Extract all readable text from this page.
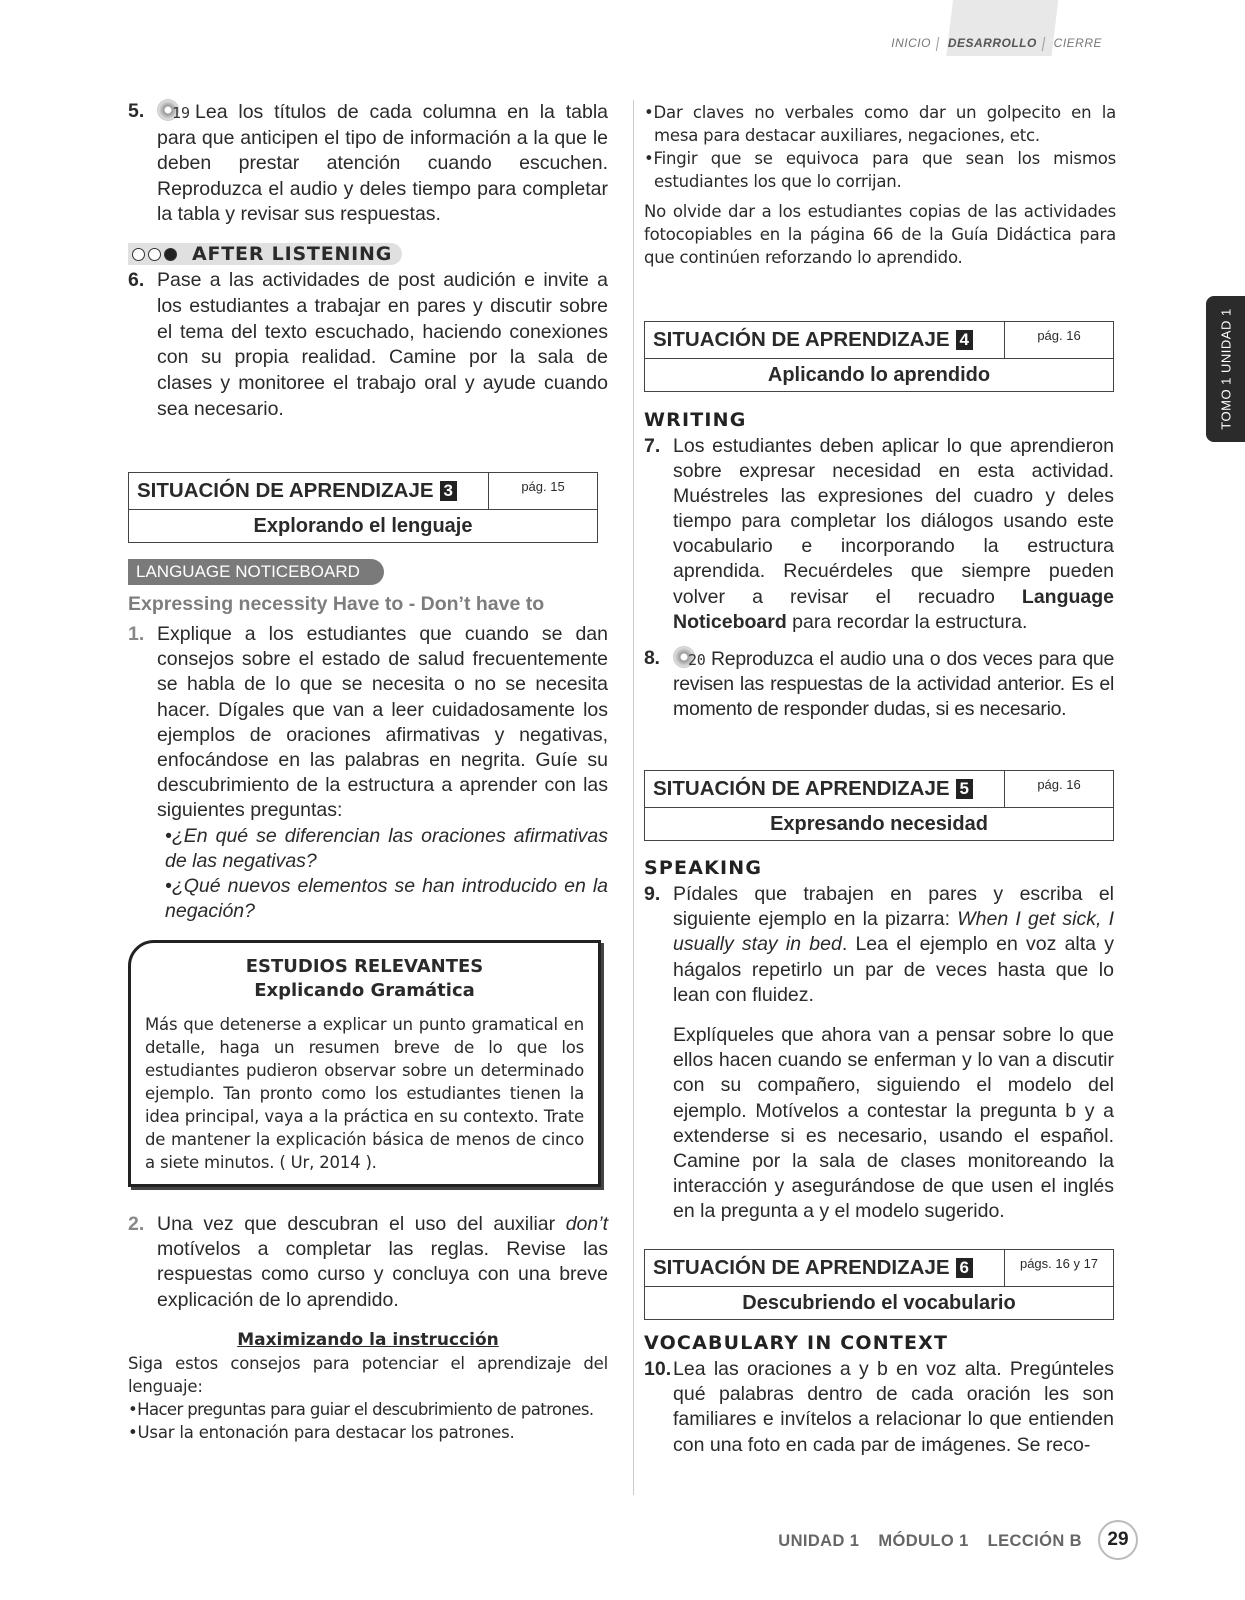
INICIO DESARROLLO CIERRE
TOMO 1 UNIDAD 1
5. 19 Lea los títulos de cada columna en la tabla para que anticipen el tipo de información a la que le deben prestar atención cuando escuchen. Reproduzca el audio y deles tiempo para completar la tabla y revisar sus respuestas.
AFTER LISTENING
6. Pase a las actividades de post audición e invite a los estudiantes a trabajar en pares y discutir sobre el tema del texto escuchado, haciendo conexiones con su propia realidad. Camine por la sala de clases y monitoree el trabajo oral y ayude cuando sea necesario.
SITUACIÓN DE APRENDIZAJE 3	pág. 15
Explorando el lenguaje
LANGUAGE NOTICEBOARD
Expressing necessity Have to - Don’t have to
1. Explique a los estudiantes que cuando se dan consejos sobre el estado de salud frecuentemente se habla de lo que se necesita o no se necesita hacer. Dígales que van a leer cuidadosamente los ejemplos de oraciones afirmativas y negativas, enfocándose en las palabras en negrita. Guíe su descubrimiento de la estructura a aprender con las siguientes preguntas:
•¿En qué se diferencian las oraciones afirmativas de las negativas?
•¿Qué nuevos elementos se han introducido en la negación?
ESTUDIOS RELEVANTES
Explicando Gramática
Más que detenerse a explicar un punto gramatical en detalle, haga un resumen breve de lo que los estudiantes pudieron observar sobre un determinado ejemplo. Tan pronto como los estudiantes tienen la idea principal, vaya a la práctica en su contexto. Trate de mantener la explicación básica de menos de cinco a siete minutos. ( Ur, 2014 ).
2. Una vez que descubran el uso del auxiliar don’t motívelos a completar las reglas. Revise las respuestas como curso y concluya con una breve explicación de lo aprendido.
Maximizando la instrucción
Siga estos consejos para potenciar el aprendizaje del lenguaje:
•Hacer preguntas para guiar el descubrimiento de patrones.
•Usar la entonación para destacar los patrones.
•Dar claves no verbales como dar un golpecito en la mesa para destacar auxiliares, negaciones, etc.
•Fingir que se equivoca para que sean los mismos estudiantes los que lo corrijan.
No olvide dar a los estudiantes copias de las actividades fotocopiables en la página 66 de la Guía Didáctica para que continúen reforzando lo aprendido.
SITUACIÓN DE APRENDIZAJE 4	pág. 16
Aplicando lo aprendido
WRITING
7. Los estudiantes deben aplicar lo que aprendieron sobre expresar necesidad en esta actividad. Muéstreles las expresiones del cuadro y deles tiempo para completar los diálogos usando este vocabulario e incorporando la estructura aprendida. Recuérdeles que siempre pueden volver a revisar el recuadro Language Noticeboard para recordar la estructura.
8. 20 Reproduzca el audio una o dos veces para que revisen las respuestas de la actividad anterior. Es el momento de responder dudas, si es necesario.
SITUACIÓN DE APRENDIZAJE 5	pág. 16
Expresando necesidad
SPEAKING
9. Pídales que trabajen en pares y escriba el siguiente ejemplo en la pizarra: When I get sick, I usually stay in bed. Lea el ejemplo en voz alta y hágalos repetirlo un par de veces hasta que lo lean con fluidez.
Explíqueles que ahora van a pensar sobre lo que ellos hacen cuando se enferman y lo van a discutir con su compañero, siguiendo el modelo del ejemplo. Motívelos a contestar la pregunta b y a extenderse si es necesario, usando el español. Camine por la sala de clases monitoreando la interacción y asegurándose de que usen el inglés en la pregunta a y el modelo sugerido.
SITUACIÓN DE APRENDIZAJE 6	págs. 16 y 17
Descubriendo el vocabulario
VOCABULARY IN CONTEXT
10. Lea las oraciones a y b en voz alta. Pregúnteles qué palabras dentro de cada oración les son familiares e invítelos a relacionar lo que entienden con una foto en cada par de imágenes. Se reco-
UNIDAD 1 MÓDULO 1 LECCIÓN B	29
